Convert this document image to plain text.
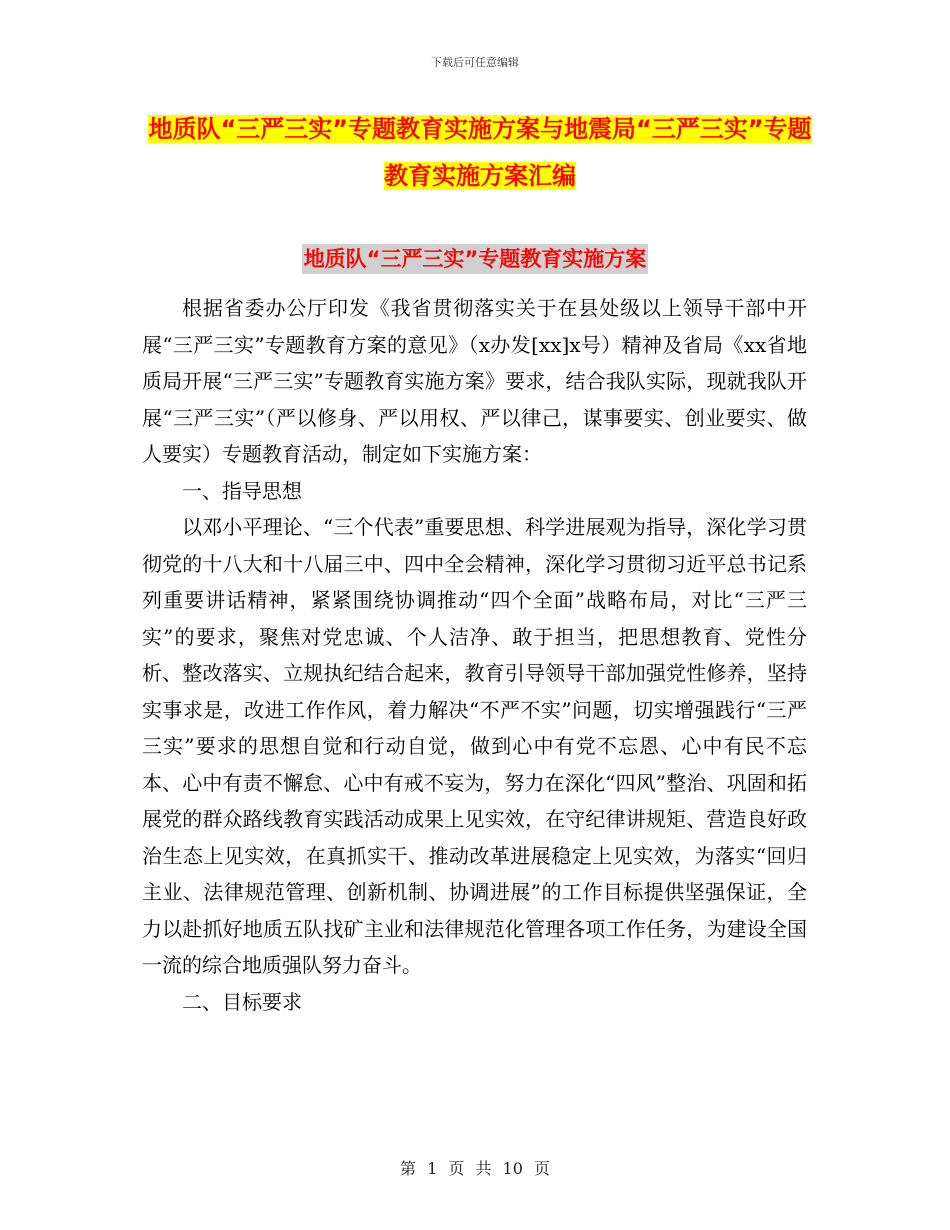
下载后可任意编辑
地质队“三严三实”专题教育实施方案与地震局“三严三实”专题教育实施方案汇编
地质队“三严三实”专题教育实施方案

根据省委办公厅印发《我省贯彻落实关于在县处级以上领导干部中开展“三严三实”专题教育方案的意见》（x办发[xx]x号）精神及省局《xx省地质局开展“三严三实”专题教育实施方案》要求，结合我队实际，现就我队开展“三严三实”（严以修身、严以用权、严以律己，谋事要实、创业要实、做人要实）专题教育活动，制定如下实施方案：

一、指导思想

以邓小平理论、“三个代表”重要思想、科学进展观为指导，深化学习贯彻党的十八大和十八届三中、四中全会精神，深化学习贯彻习近平总书记系列重要讲话精神，紧紧围绕协调推动“四个全面”战略布局，对比“三严三实”的要求，聚焦对党忠诚、个人洁净、敢于担当，把思想教育、党性分析、整改落实、立规执纪结合起来，教育引导领导干部加强党性修养，坚持实事求是，改进工作作风，着力解决“不严不实”问题，切实增强践行“三严三实”要求的思想自觉和行动自觉，做到心中有党不忘恩、心中有民不忘本、心中有责不懈怠、心中有戒不妄为，努力在深化“四风”整治、巩固和拓展党的群众路线教育实践活动成果上见实效，在守纪律讲规矩、营造良好政治生态上见实效，在真抓实干、推动改革进展稳定上见实效，为落实“回归主业、法律规范管理、创新机制、协调进展”的工作目标提供坚强保证，全力以赴抓好地质五队找矿主业和法律规范化管理各项工作任务，为建设全国一流的综合地质强队努力奋斗。

二、目标要求

第 1 页 共 10 页
